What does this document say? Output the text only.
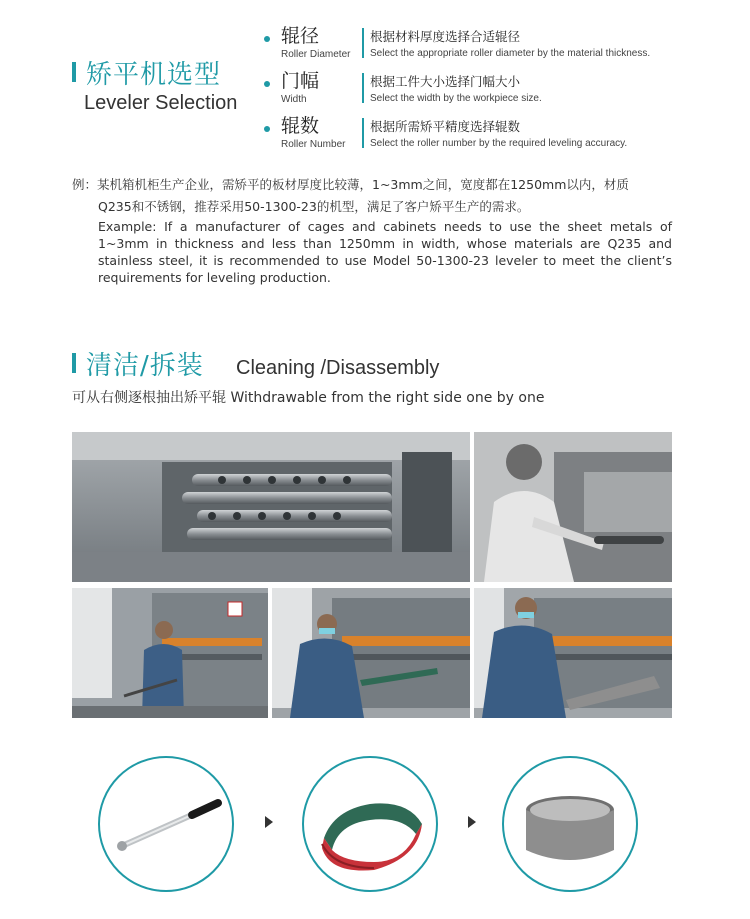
矫平机选型
Leveler Selection
辊径
Roller Diameter
根据材料厚度选择合适辊径
Select the appropriate roller diameter by the material thickness.
门幅
Width
根据工件大小选择门幅大小
Select the width by the workpiece size.
辊数
Roller Number
根据所需矫平精度选择辊数
Select the roller number by the required leveling accuracy.
例：某机箱机柜生产企业，需矫平的板材厚度比较薄，1~3mm之间，宽度都在1250mm以内，材质
Q235和不锈钢，推荐采用50-1300-23的机型，满足了客户矫平生产的需求。
Example: If a manufacturer of cages and cabinets needs to use the sheet metals of 1~3mm in thickness and less than 1250mm in width, whose materials are Q235 and stainless steel, it is recommended to use Model 50-1300-23 leveler to meet the client’s requirements for leveling production.
清洁/拆装 Cleaning /Disassembly
可从右侧逐根抽出矫平辊 Withdrawable from the right side one by one
